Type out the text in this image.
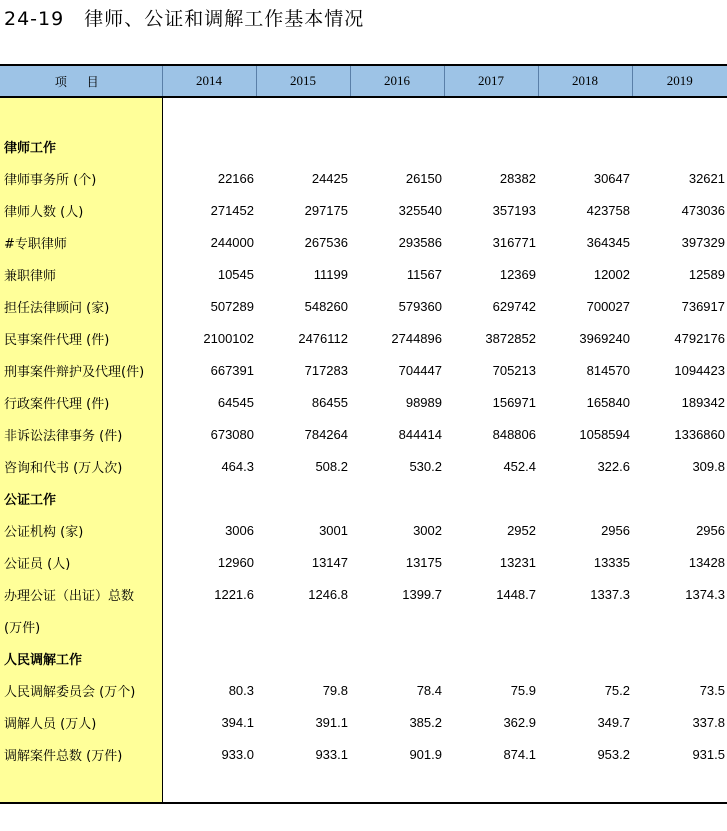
24-19 律师、公证和调解工作基本情况
项 目	2014	2015	2016	2017	2018	2019

律师工作						
律师事务所 (个)	22166	24425	26150	28382	30647	32621
律师人数 (人)	271452	297175	325540	357193	423758	473036
#专职律师	244000	267536	293586	316771	364345	397329
兼职律师	10545	11199	11567	12369	12002	12589
担任法律顾问 (家)	507289	548260	579360	629742	700027	736917
民事案件代理 (件)	2100102	2476112	2744896	3872852	3969240	4792176
刑事案件辩护及代理(件)	667391	717283	704447	705213	814570	1094423
行政案件代理 (件)	64545	86455	98989	156971	165840	189342
非诉讼法律事务 (件)	673080	784264	844414	848806	1058594	1336860
咨询和代书 (万人次)	464.3	508.2	530.2	452.4	322.6	309.8
公证工作						
公证机构 (家)	3006	3001	3002	2952	2956	2956
公证员 (人)	12960	13147	13175	13231	13335	13428
办理公证（出证）总数	1221.6	1246.8	1399.7	1448.7	1337.3	1374.3
(万件)						
人民调解工作						
人民调解委员会 (万个)	80.3	79.8	78.4	75.9	75.2	73.5
调解人员 (万人)	394.1	391.1	385.2	362.9	349.7	337.8
调解案件总数 (万件)	933.0	933.1	901.9	874.1	953.2	931.5
